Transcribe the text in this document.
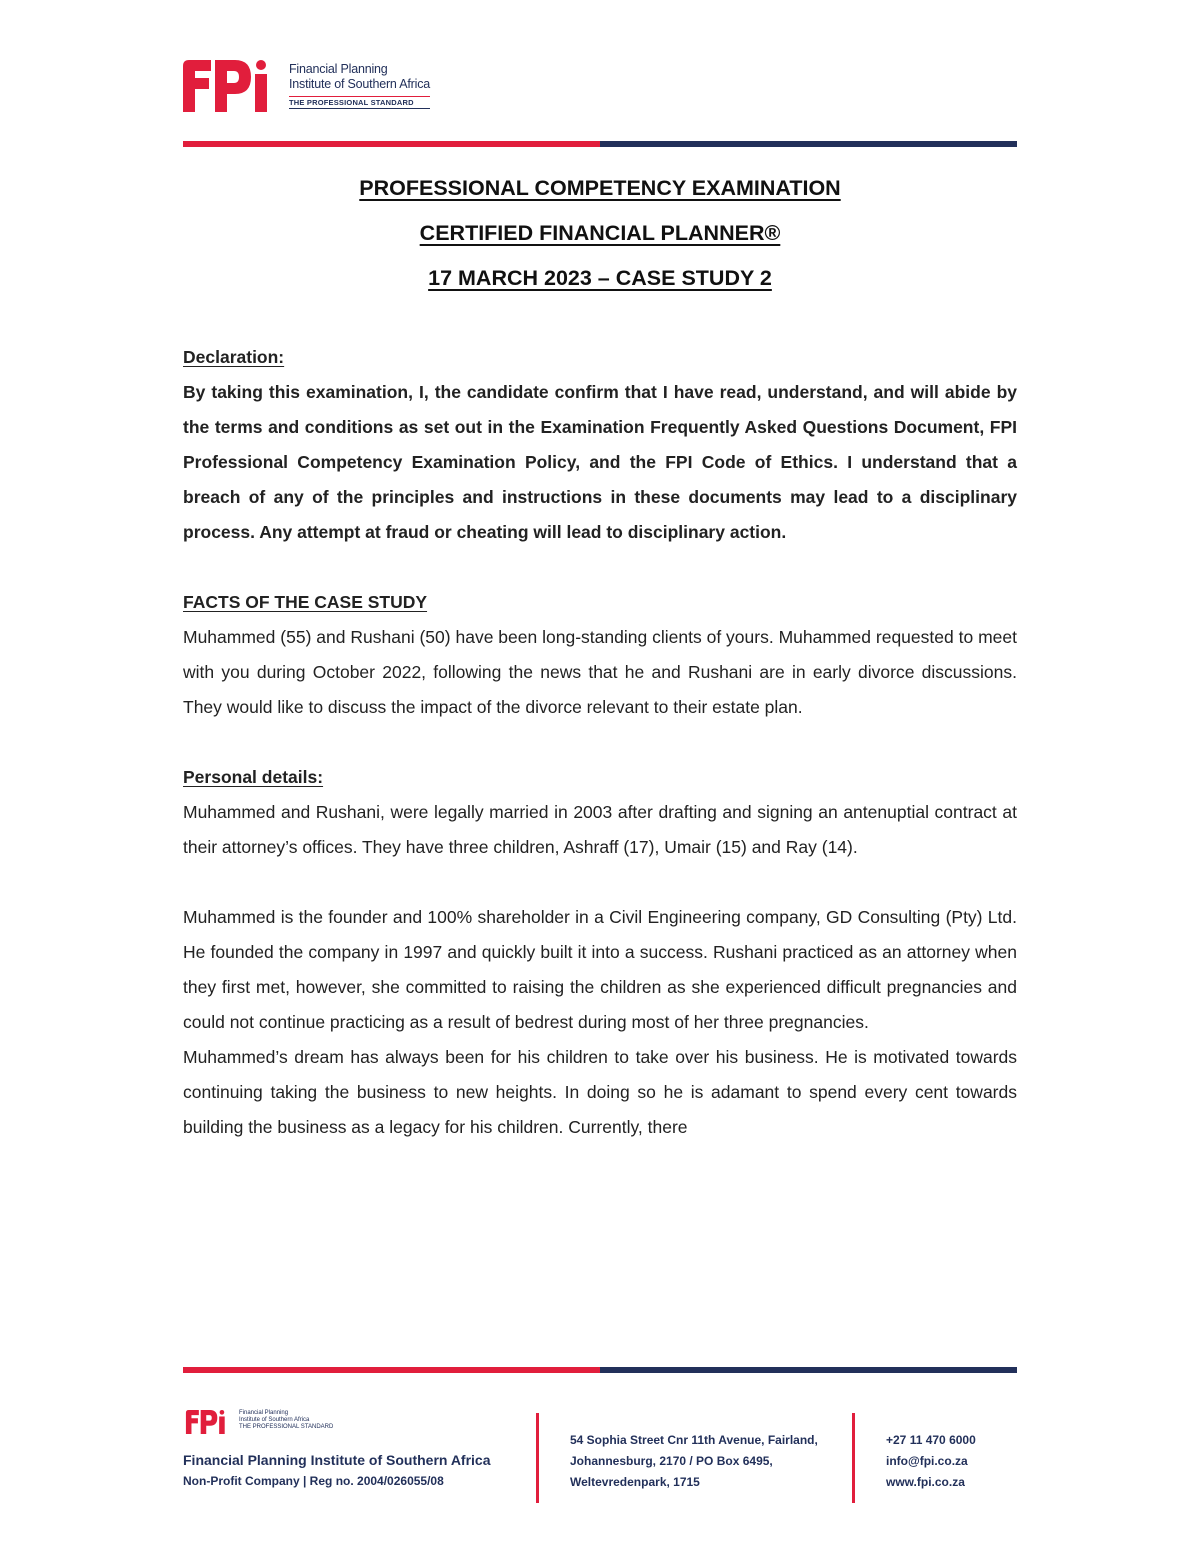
Financial Planning
Institute of Southern Africa
THE PROFESSIONAL STANDARD
PROFESSIONAL COMPETENCY EXAMINATION
CERTIFIED FINANCIAL PLANNER®
17 MARCH 2023 – CASE STUDY 2

Declaration:

By taking this examination, I, the candidate confirm that I have read, understand, and will abide by the terms and conditions as set out in the Examination Frequently Asked Questions Document, FPI Professional Competency Examination Policy, and the FPI Code of Ethics. I understand that a breach of any of the principles and instructions in these documents may lead to a disciplinary process. Any attempt at fraud or cheating will lead to disciplinary action.

FACTS OF THE CASE STUDY

Muhammed (55) and Rushani (50) have been long-standing clients of yours. Muhammed requested to meet with you during October 2022, following the news that he and Rushani are in early divorce discussions. They would like to discuss the impact of the divorce relevant to their estate plan.

Personal details:

Muhammed and Rushani, were legally married in 2003 after drafting and signing an antenuptial contract at their attorney’s offices. They have three children, Ashraff (17), Umair (15) and Ray (14).

Muhammed is the founder and 100% shareholder in a Civil Engineering company, GD Consulting (Pty) Ltd. He founded the company in 1997 and quickly built it into a success. Rushani practiced as an attorney when they first met, however, she committed to raising the children as she experienced difficult pregnancies and could not continue practicing as a result of bedrest during most of her three pregnancies.

Muhammed’s dream has always been for his children to take over his business. He is motivated towards continuing taking the business to new heights. In doing so he is adamant to spend every cent towards building the business as a legacy for his children. Currently, there

Financial Planning
Institute of Southern Africa
THE PROFESSIONAL STANDARD
Financial Planning Institute of Southern Africa
Non-Profit Company | Reg no. 2004/026055/08
54 Sophia Street Cnr 11th Avenue, Fairland,
Johannesburg, 2170 / PO Box 6495,
Weltevredenpark, 1715
+27 11 470 6000
info@fpi.co.za
www.fpi.co.za
